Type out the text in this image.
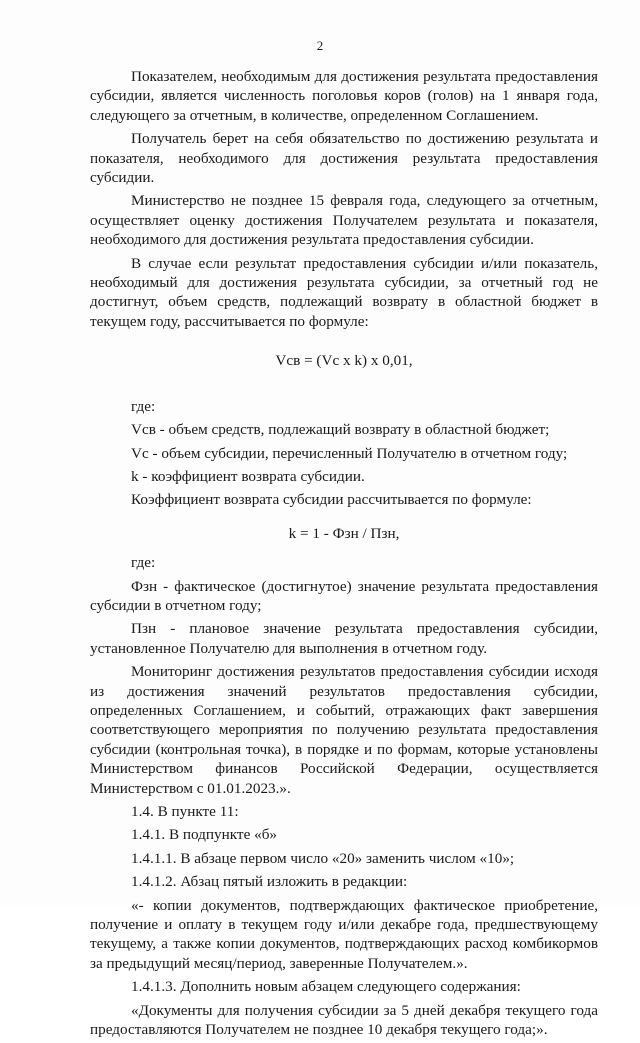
2

Показателем, необходимым для достижения результата предоставления субсидии, является численность поголовья коров (голов) на 1 января года, следующего за отчетным, в количестве, определенном Соглашением.

Получатель берет на себя обязательство по достижению результата и показателя, необходимого для достижения результата предоставления субсидии.

Министерство не позднее 15 февраля года, следующего за отчетным, осуществляет оценку достижения Получателем результата и показателя, необходимого для достижения результата предоставления субсидии.

В случае если результат предоставления субсидии и/или показатель, необходимый для достижения результата субсидии, за отчетный год не достигнут, объем средств, подлежащий возврату в областной бюджет в текущем году, рассчитывается по формуле:

Vсв = (Vс x k) x 0,01,

где:

Vсв - объем средств, подлежащий возврату в областной бюджет;

Vс - объем субсидии, перечисленный Получателю в отчетном году;

k - коэффициент возврата субсидии.

Коэффициент возврата субсидии рассчитывается по формуле:

k = 1 - Фзн / Пзн,

где:

Фзн - фактическое (достигнутое) значение результата предоставления субсидии в отчетном году;

Пзн - плановое значение результата предоставления субсидии, установленное Получателю для выполнения в отчетном году.

Мониторинг достижения результатов предоставления субсидии исходя из достижения значений результатов предоставления субсидии, определенных Соглашением, и событий, отражающих факт завершения соответствующего мероприятия по получению результата предоставления субсидии (контрольная точка), в порядке и по формам, которые установлены Министерством финансов Российской Федерации, осуществляется Министерством с 01.01.2023.».

1.4. В пункте 11:

1.4.1. В подпункте «б»

1.4.1.1. В абзаце первом число «20» заменить числом «10»;

1.4.1.2. Абзац пятый изложить в редакции:

«- копии документов, подтверждающих фактическое приобретение, получение и оплату в текущем году и/или декабре года, предшествующему текущему, а также копии документов, подтверждающих расход комбикормов за предыдущий месяц/период, заверенные Получателем.».

1.4.1.3. Дополнить новым абзацем следующего содержания:

«Документы для получения субсидии за 5 дней декабря текущего года предоставляются Получателем не позднее 10 декабря текущего года;».
